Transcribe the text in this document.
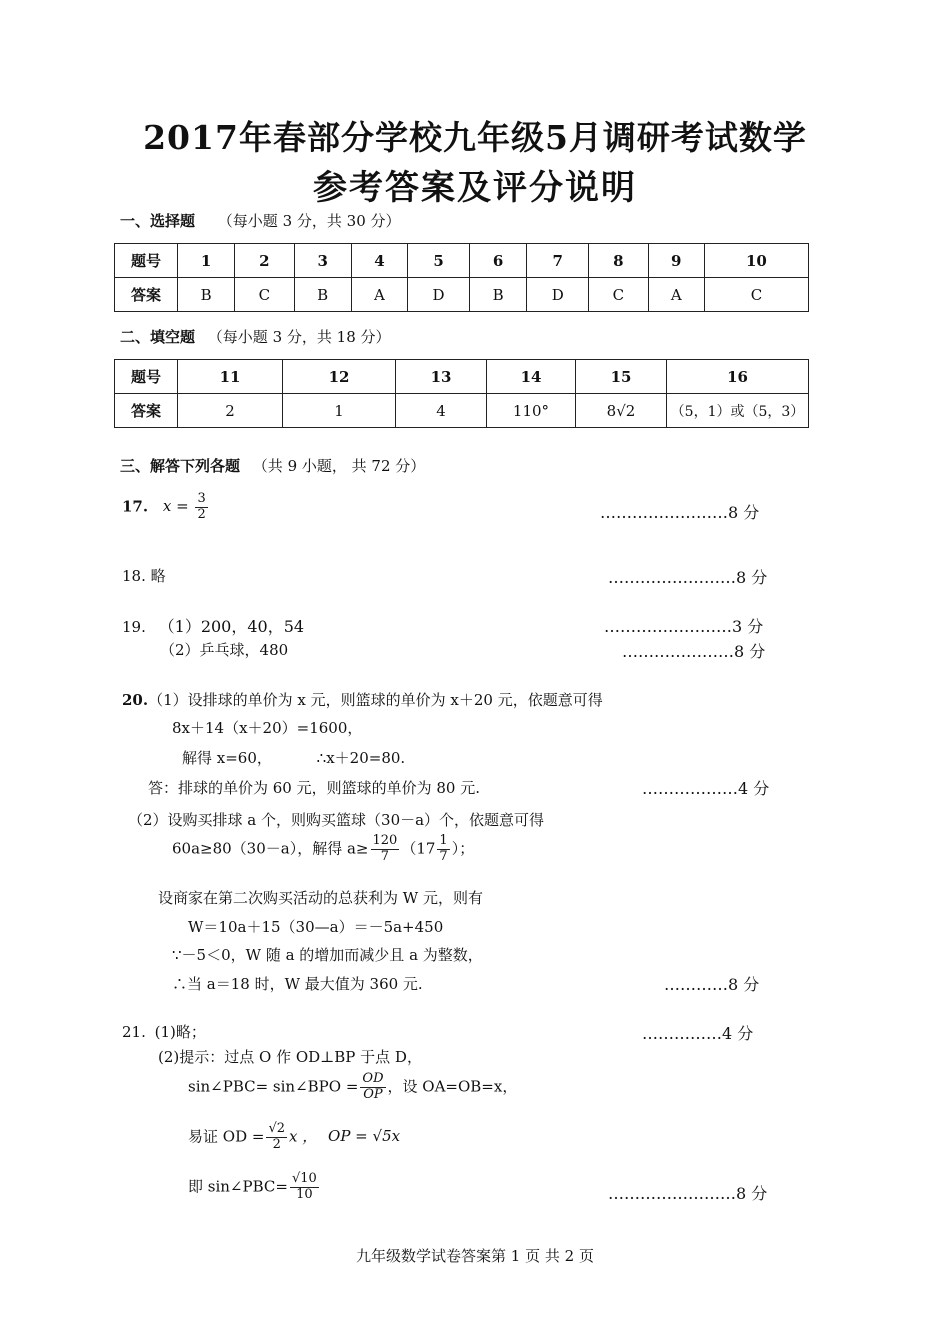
2017年春部分学校九年级5月调研考试数学
参考答案及评分说明
一、选择题 （每小题 3 分，共 30 分）
题号	1	2	3	4	5	6	7	8	9	10
答案	B	C	B	A	D	B	D	C	A	C
二、填空题 （每小题 3 分，共 18 分）
题号	11	12	13	14	15	16
答案	2	1	4	110°	8√2	（5，1）或（5，3）
三、解答下列各题 （共 9 小题， 共 72 分）
17. $x = \frac{3}{2}$	……………………8 分
18. 略	……………………8 分
19. （1）200，40，54	……………………3 分
（2）乒乓球，480	…………………8 分
20.（1）设排球的单价为 x 元，则篮球的单价为 x＋20 元，依题意可得
8x＋14（x＋20）=1600，
解得 x=60，	∴x＋20=80.
答：排球的单价为 60 元，则篮球的单价为 80 元.	………………4 分
（2）设购买排球 a 个，则购买篮球（30－a）个，依题意可得
60a≥80（30－a），解得 $a\ge \frac{120}{7} (17 \frac{1}{7}$ ）；
设商家在第二次购买活动的总获利为 W 元，则有
W＝10a＋15（30—a）＝－5a+450
∵－5＜0，W 随 a 的增加而减少且 a 为整数，
∴当 a＝18 时，W 最大值为 360 元.	…………8 分
21. (1)略；	……………4 分
(2)提示：过点 O 作 OD⊥BP 于点 D，
sin∠PBC= sin∠BPO = $\frac{OD}{OP}$ ，设 OA=OB=x，
易证 OD = $\frac{√2}{2}$ x ， OP = √5x
即 sin∠PBC= $\frac{√10}{10}$	……………………8 分
九年级数学试卷答案第 1 页 共 2 页
